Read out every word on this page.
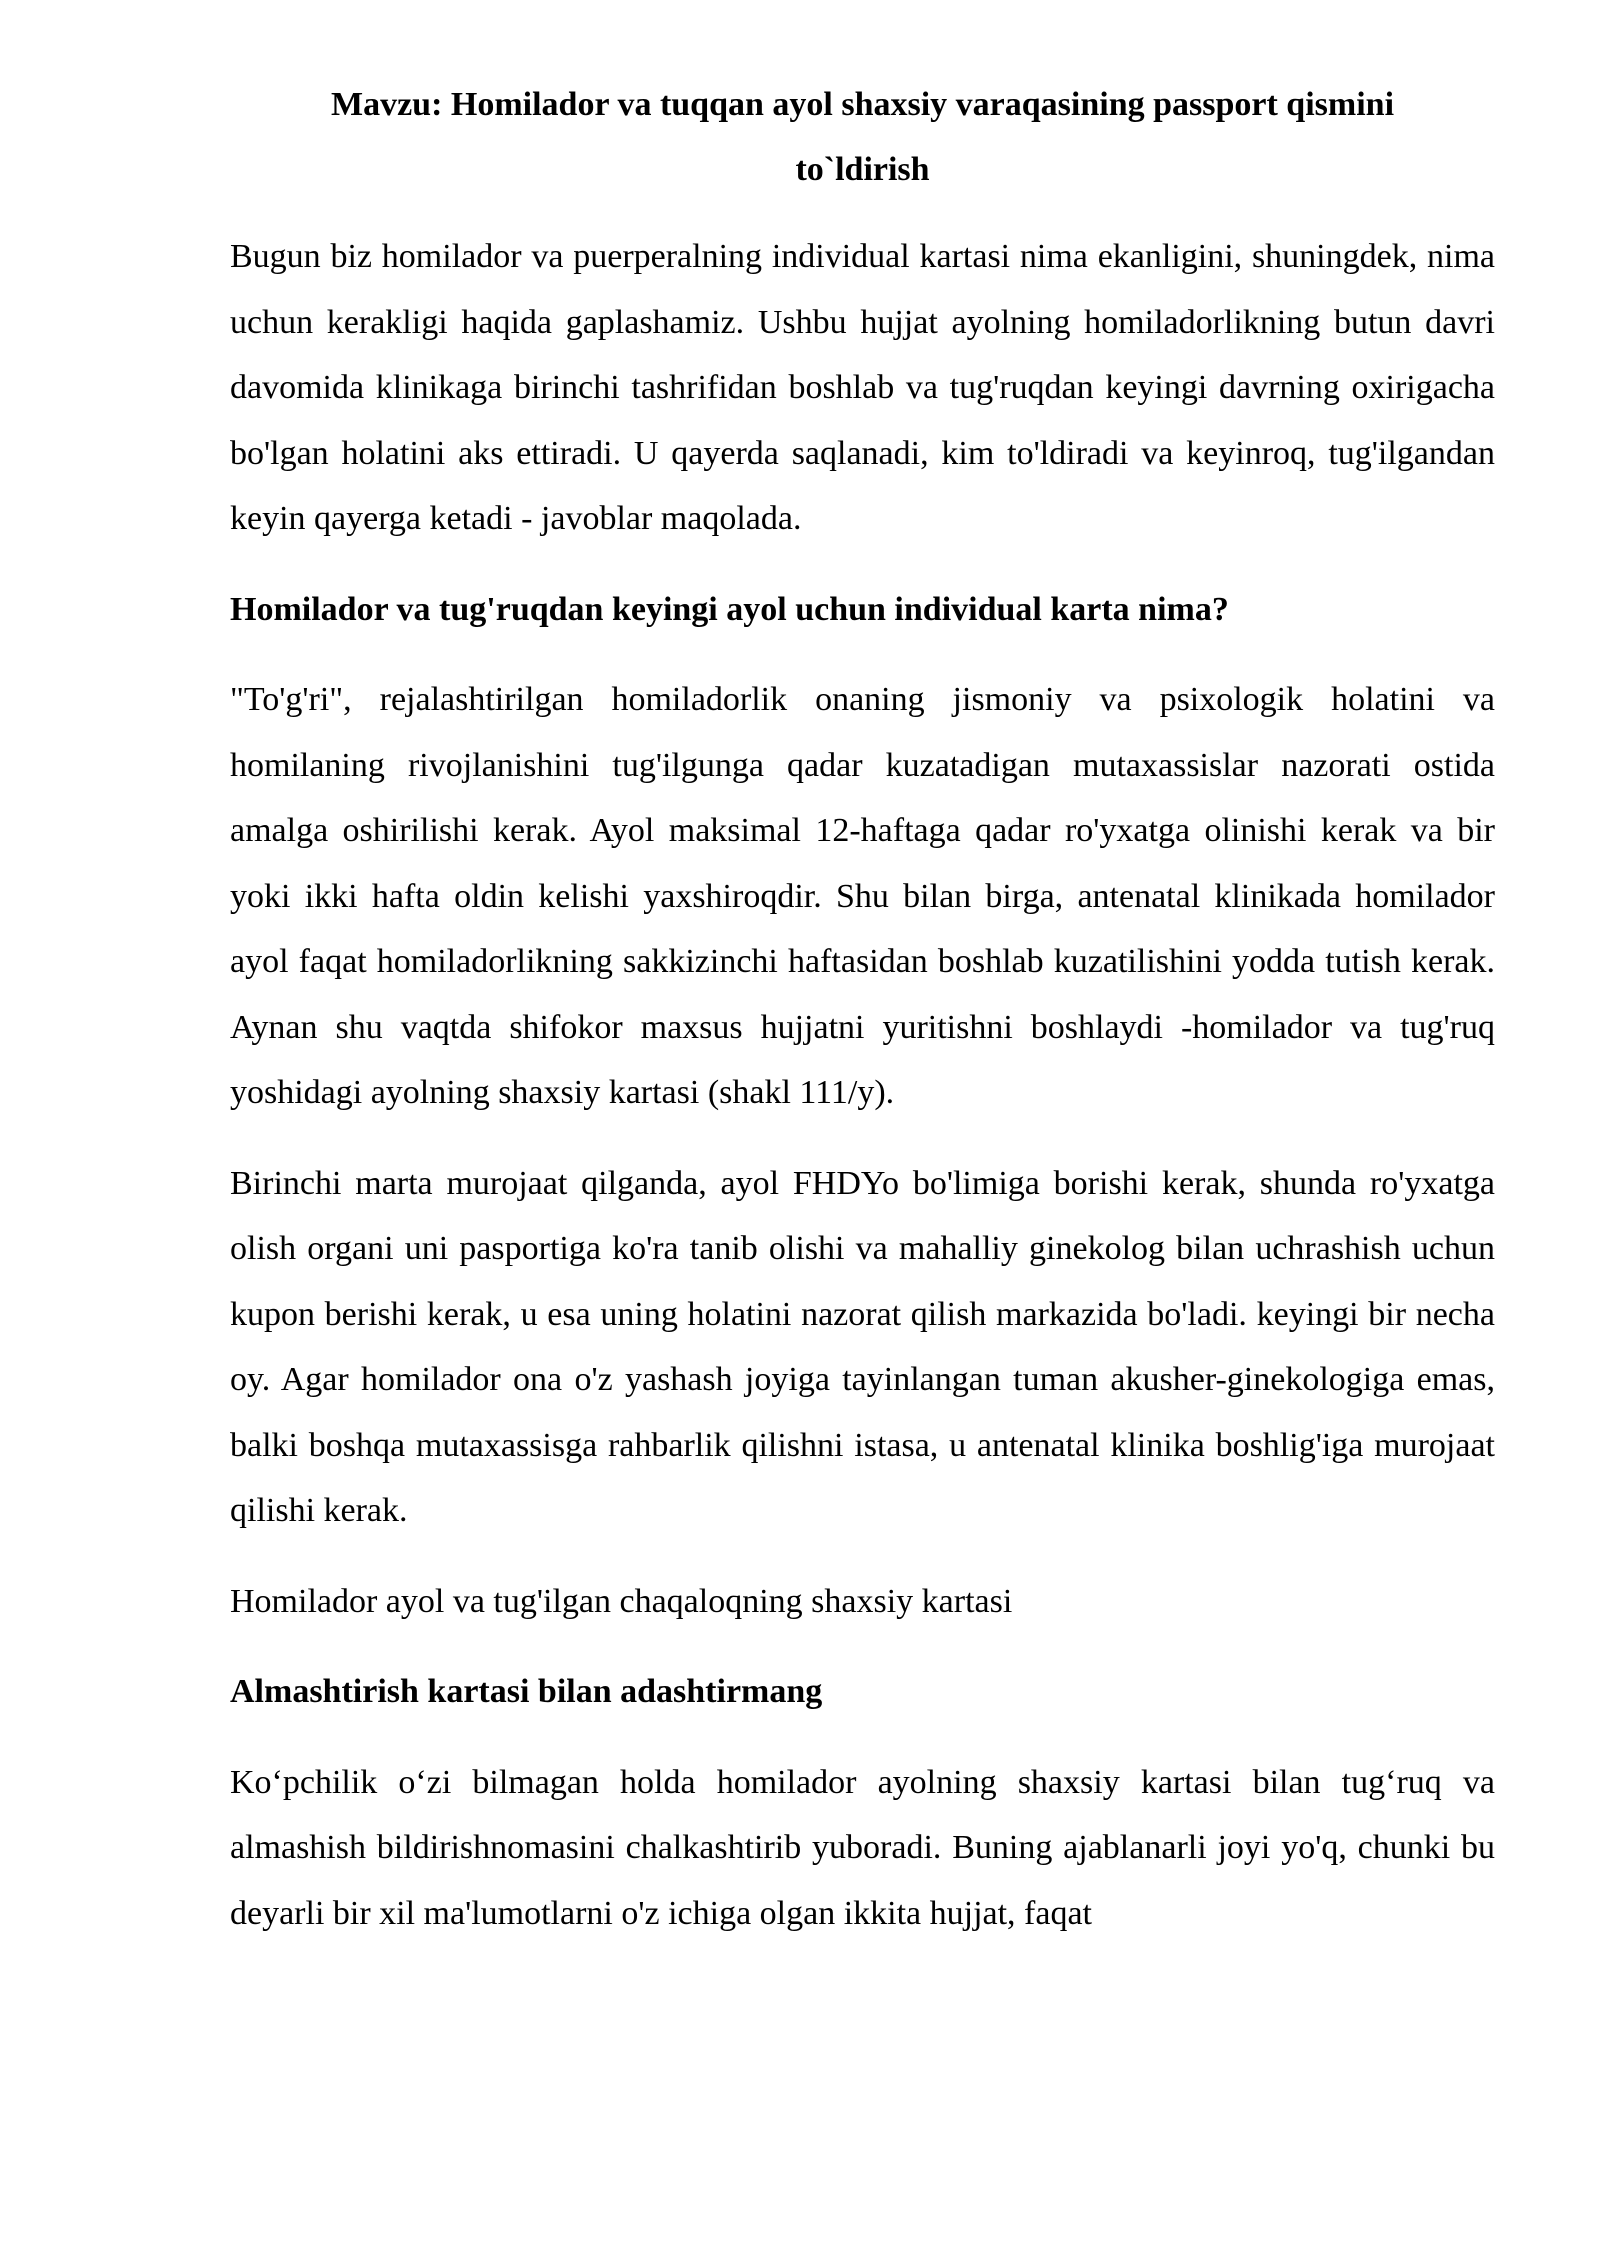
Mavzu: Homilador va tuqqan ayol shaxsiy varaqasining passport qismini
to`ldirish

Bugun biz homilador va puerperalning individual kartasi nima ekanligini, shuningdek, nima uchun kerakligi haqida gaplashamiz. Ushbu hujjat ayolning homiladorlikning butun davri davomida klinikaga birinchi tashrifidan boshlab va tug'ruqdan keyingi davrning oxirigacha bo'lgan holatini aks ettiradi. U qayerda saqlanadi, kim to'ldiradi va keyinroq, tug'ilgandan keyin qayerga ketadi - javoblar maqolada.

Homilador va tug'ruqdan keyingi ayol uchun individual karta nima?

"To'g'ri", rejalashtirilgan homiladorlik onaning jismoniy va psixologik holatini va homilaning rivojlanishini tug'ilgunga qadar kuzatadigan mutaxassislar nazorati ostida amalga oshirilishi kerak. Ayol maksimal 12-haftaga qadar ro'yxatga olinishi kerak va bir yoki ikki hafta oldin kelishi yaxshiroqdir. Shu bilan birga, antenatal klinikada homilador ayol faqat homiladorlikning sakkizinchi haftasidan boshlab kuzatilishini yodda tutish kerak. Aynan shu vaqtda shifokor maxsus hujjatni yuritishni boshlaydi -homilador va tug'ruq yoshidagi ayolning shaxsiy kartasi (shakl 111/y).

Birinchi marta murojaat qilganda, ayol FHDYo bo'limiga borishi kerak, shunda ro'yxatga olish organi uni pasportiga ko'ra tanib olishi va mahalliy ginekolog bilan uchrashish uchun kupon berishi kerak, u esa uning holatini nazorat qilish markazida bo'ladi. keyingi bir necha oy. Agar homilador ona o'z yashash joyiga tayinlangan tuman akusher-ginekologiga emas, balki boshqa mutaxassisga rahbarlik qilishni istasa, u antenatal klinika boshlig'iga murojaat qilishi kerak.

Homilador ayol va tug'ilgan chaqaloqning shaxsiy kartasi

Almashtirish kartasi bilan adashtirmang

Ko‘pchilik o‘zi bilmagan holda homilador ayolning shaxsiy kartasi bilan tug‘ruq va almashish bildirishnomasini chalkashtirib yuboradi. Buning ajablanarli joyi yo'q, chunki bu deyarli bir xil ma'lumotlarni o'z ichiga olgan ikkita hujjat, faqat
